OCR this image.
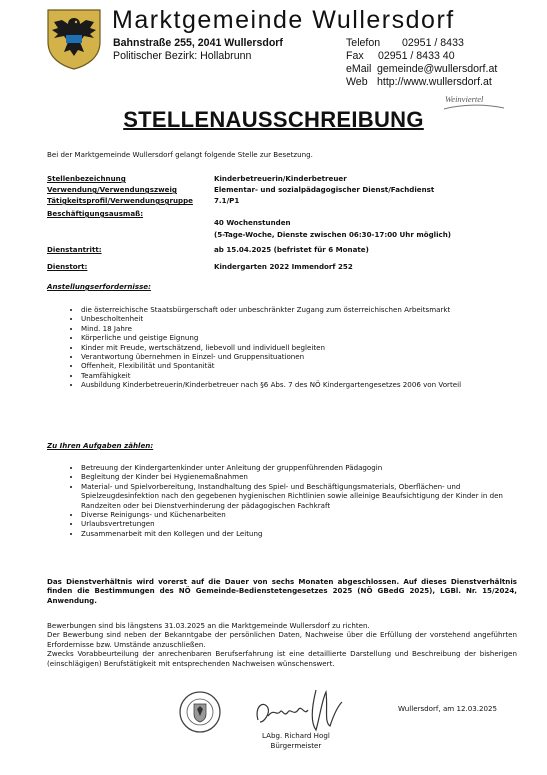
Marktgemeinde Wullersdorf
Bahnstraße 255, 2041 Wullersdorf
Politischer Bezirk: Hollabrunn
Telefon	02951 / 8433
Fax	02951 / 8433 40
eMail gemeinde@wullersdorf.at
Web http://www.wullersdorf.at
Weinviertel
STELLENAUSSCHREIBUNG
Bei der Marktgemeinde Wullersdorf gelangt folgende Stelle zur Besetzung.
Stellenbezeichnung	Kinderbetreuerin/Kinderbetreuer
Verwendung/Verwendungszweig	Elementar- und sozialpädagogischer Dienst/Fachdienst
Tätigkeitsprofil/Verwendungsgruppe	7.1/P1
Beschäftigungsausmaß:
40 Wochenstunden
(5-Tage-Woche, Dienste zwischen 06:30-17:00 Uhr möglich)
Dienstantritt:	ab 15.04.2025 (befristet für 6 Monate)
Dienstort:	Kindergarten 2022 Immendorf 252
Anstellungserfordernisse:
• die österreichische Staatsbürgerschaft oder unbeschränkter Zugang zum österreichischen Arbeitsmarkt
• Unbescholtenheit
• Mind. 18 Jahre
• Körperliche und geistige Eignung
• Kinder mit Freude, wertschätzend, liebevoll und individuell begleiten
• Verantwortung übernehmen in Einzel- und Gruppensituationen
• Offenheit, Flexibilität und Spontanität
• Teamfähigkeit
• Ausbildung Kinderbetreuerin/Kinderbetreuer nach §6 Abs. 7 des NÖ Kindergartengesetzes 2006 von Vorteil
Zu Ihren Aufgaben zählen:
• Betreuung der Kindergartenkinder unter Anleitung der gruppenführenden Pädagogin
• Begleitung der Kinder bei Hygienemaßnahmen
• Material- und Spielvorbereitung, Instandhaltung des Spiel- und Beschäftigungsmaterials, Oberflächen- und Spielzeugdesinfektion nach den gegebenen hygienischen Richtlinien sowie alleinige Beaufsichtigung der Kinder in den Randzeiten oder bei Dienstverhinderung der pädagogischen Fachkraft
• Diverse Reinigungs- und Küchenarbeiten
• Urlaubsvertretungen
• Zusammenarbeit mit den Kollegen und der Leitung
Das Dienstverhältnis wird vorerst auf die Dauer von sechs Monaten abgeschlossen. Auf dieses Dienstverhältnis finden die Bestimmungen des NÖ Gemeinde-Bedienstetengesetzes 2025 (NÖ GBedG 2025), LGBl. Nr. 15/2024, Anwendung.
Bewerbungen sind bis längstens 31.03.2025 an die Marktgemeinde Wullersdorf zu richten.
Der Bewerbung sind neben der Bekanntgabe der persönlichen Daten, Nachweise über die Erfüllung der vorstehend angeführten Erfordernisse bzw. Umstände anzuschließen.
Zwecks Vorabbeurteilung der anrechenbaren Berufserfahrung ist eine detaillierte Darstellung und Beschreibung der bisherigen (einschlägigen) Berufstätigkeit mit entsprechenden Nachweisen wünschenswert.
Wullersdorf, am 12.03.2025
LAbg. Richard Hogl
Bürgermeister
